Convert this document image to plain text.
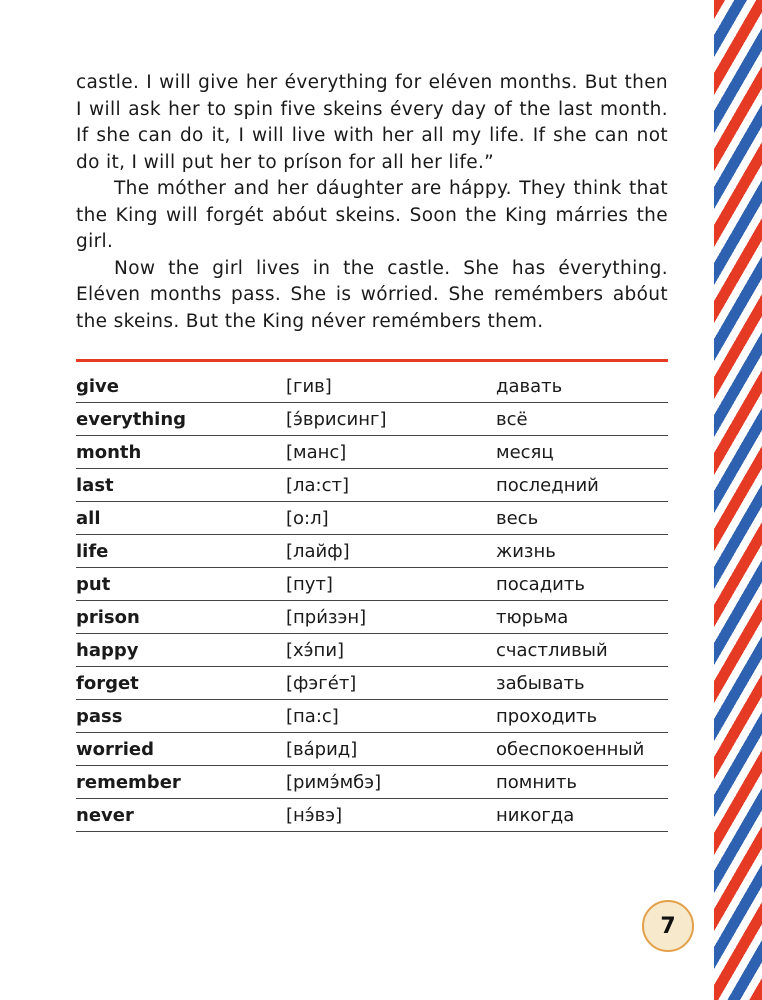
castle. I will give her éverything for eléven months. But then I will ask her to spin five skeins évery day of the last month. If she can do it, I will live with her all my life. If she can not do it, I will put her to príson for all her life.”

The móther and her dáughter are háppy. They think that the King will forgét abóut skeins. Soon the King márries the girl.

Now the girl lives in the castle. She has éverything. Eléven months pass. She is wórried. She remémbers abóut the skeins. But the King néver remémbers them.

give	[гив]	давать
everything	[э́врисинг]	всё
month	[манс]	месяц
last	[ла:ст]	последний
all	[о:л]	весь
life	[лайф]	жизнь
put	[пут]	посадить
prison	[при́зэн]	тюрьма
happy	[хэ́пи]	счастливый
forget	[фэгéт]	забывать
pass	[па:с]	проходить
worried	[ва́рид]	обеспокоенный
remember	[римэ́мбэ]	помнить
never	[нэ́вэ]	никогда
7
